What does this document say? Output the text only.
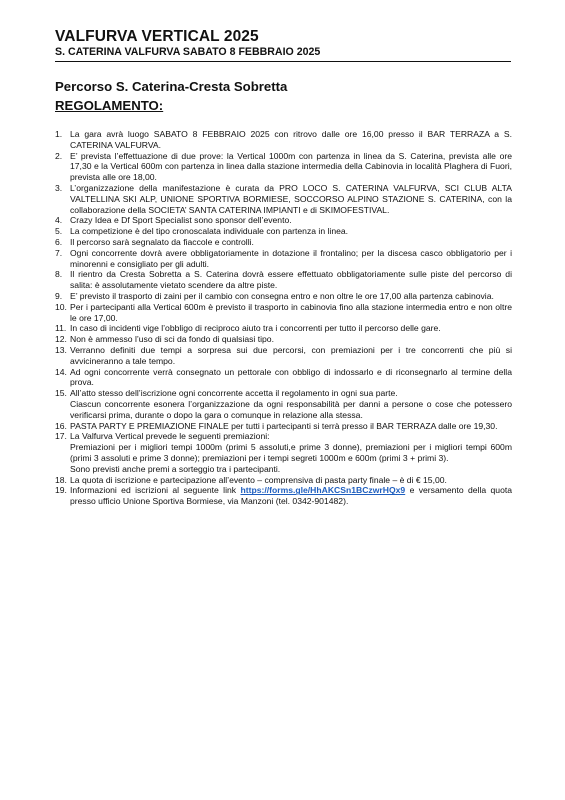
VALFURVA VERTICAL 2025
S. CATERINA VALFURVA SABATO 8 FEBBRAIO 2025
Percorso S. Caterina-Cresta Sobretta
REGOLAMENTO:
1. La gara avrà luogo SABATO 8 FEBBRAIO 2025 con ritrovo dalle ore 16,00 presso il BAR TERRAZA a S. CATERINA VALFURVA.
2. E’ prevista l’effettuazione di due prove: la Vertical 1000m con partenza in linea da S. Caterina, prevista alle ore 17,30 e la Vertical 600m con partenza in linea dalla stazione intermedia della Cabinovia in località Plaghera di Fuori, prevista alle ore 18,00.
3. L’organizzazione della manifestazione è curata da PRO LOCO S. CATERINA VALFURVA, SCI CLUB ALTA VALTELLINA SKI ALP, UNIONE SPORTIVA BORMIESE, SOCCORSO ALPINO STAZIONE S. CATERINA, con la collaborazione della SOCIETA’ SANTA CATERINA IMPIANTI e di SKIMOFESTIVAL.
4. Crazy Idea e Df Sport Specialist sono sponsor dell’evento.
5. La competizione è del tipo cronoscalata individuale con partenza in linea.
6. Il percorso sarà segnalato da fiaccole e controlli.
7. Ogni concorrente dovrà avere obbligatoriamente in dotazione il frontalino; per la discesa casco obbligatorio per i minorenni e consigliato per gli adulti.
8. Il rientro da Cresta Sobretta a S. Caterina dovrà essere effettuato obbligatoriamente sulle piste del percorso di salita: è assolutamente vietato scendere da altre piste.
9. E’ previsto il trasporto di zaini per il cambio con consegna entro e non oltre le ore 17,00 alla partenza cabinovia.
10. Per i partecipanti alla Vertical 600m è previsto il trasporto in cabinovia fino alla stazione intermedia entro e non oltre le ore 17,00.
11. In caso di incidenti vige l’obbligo di reciproco aiuto tra i concorrenti per tutto il percorso delle gare.
12. Non è ammesso l’uso di sci da fondo di qualsiasi tipo.
13. Verranno definiti due tempi a sorpresa sui due percorsi, con premiazioni per i tre concorrenti che più si avvicineranno a tale tempo.
14. Ad ogni concorrente verrà consegnato un pettorale con obbligo di indossarlo e di riconsegnarlo al termine della prova.
15. All’atto stesso dell’iscrizione ogni concorrente accetta il regolamento in ogni sua parte.
Ciascun concorrente esonera l’organizzazione da ogni responsabilità per danni a persone o cose che potessero verificarsi prima, durante o dopo la gara o comunque in relazione alla stessa.
16. PASTA PARTY E PREMIAZIONE FINALE per tutti i partecipanti si terrà presso il BAR TERRAZA dalle ore 19,30.
17. La Valfurva Vertical prevede le seguenti premiazioni:
Premiazioni per i migliori tempi 1000m (primi 5 assoluti,e prime 3 donne), premiazioni per i migliori tempi 600m (primi 3 assoluti e prime 3 donne); premiazioni per i tempi segreti 1000m e 600m (primi 3 + primi 3).
Sono previsti anche premi a sorteggio tra i partecipanti.
18. La quota di iscrizione e partecipazione all’evento – comprensiva di pasta party finale – è di € 15,00.
19. Informazioni ed iscrizioni al seguente link https://forms.gle/HhAKCSn1BCzwrHQx9 e versamento della quota presso ufficio Unione Sportiva Bormiese, via Manzoni (tel. 0342-901482).
